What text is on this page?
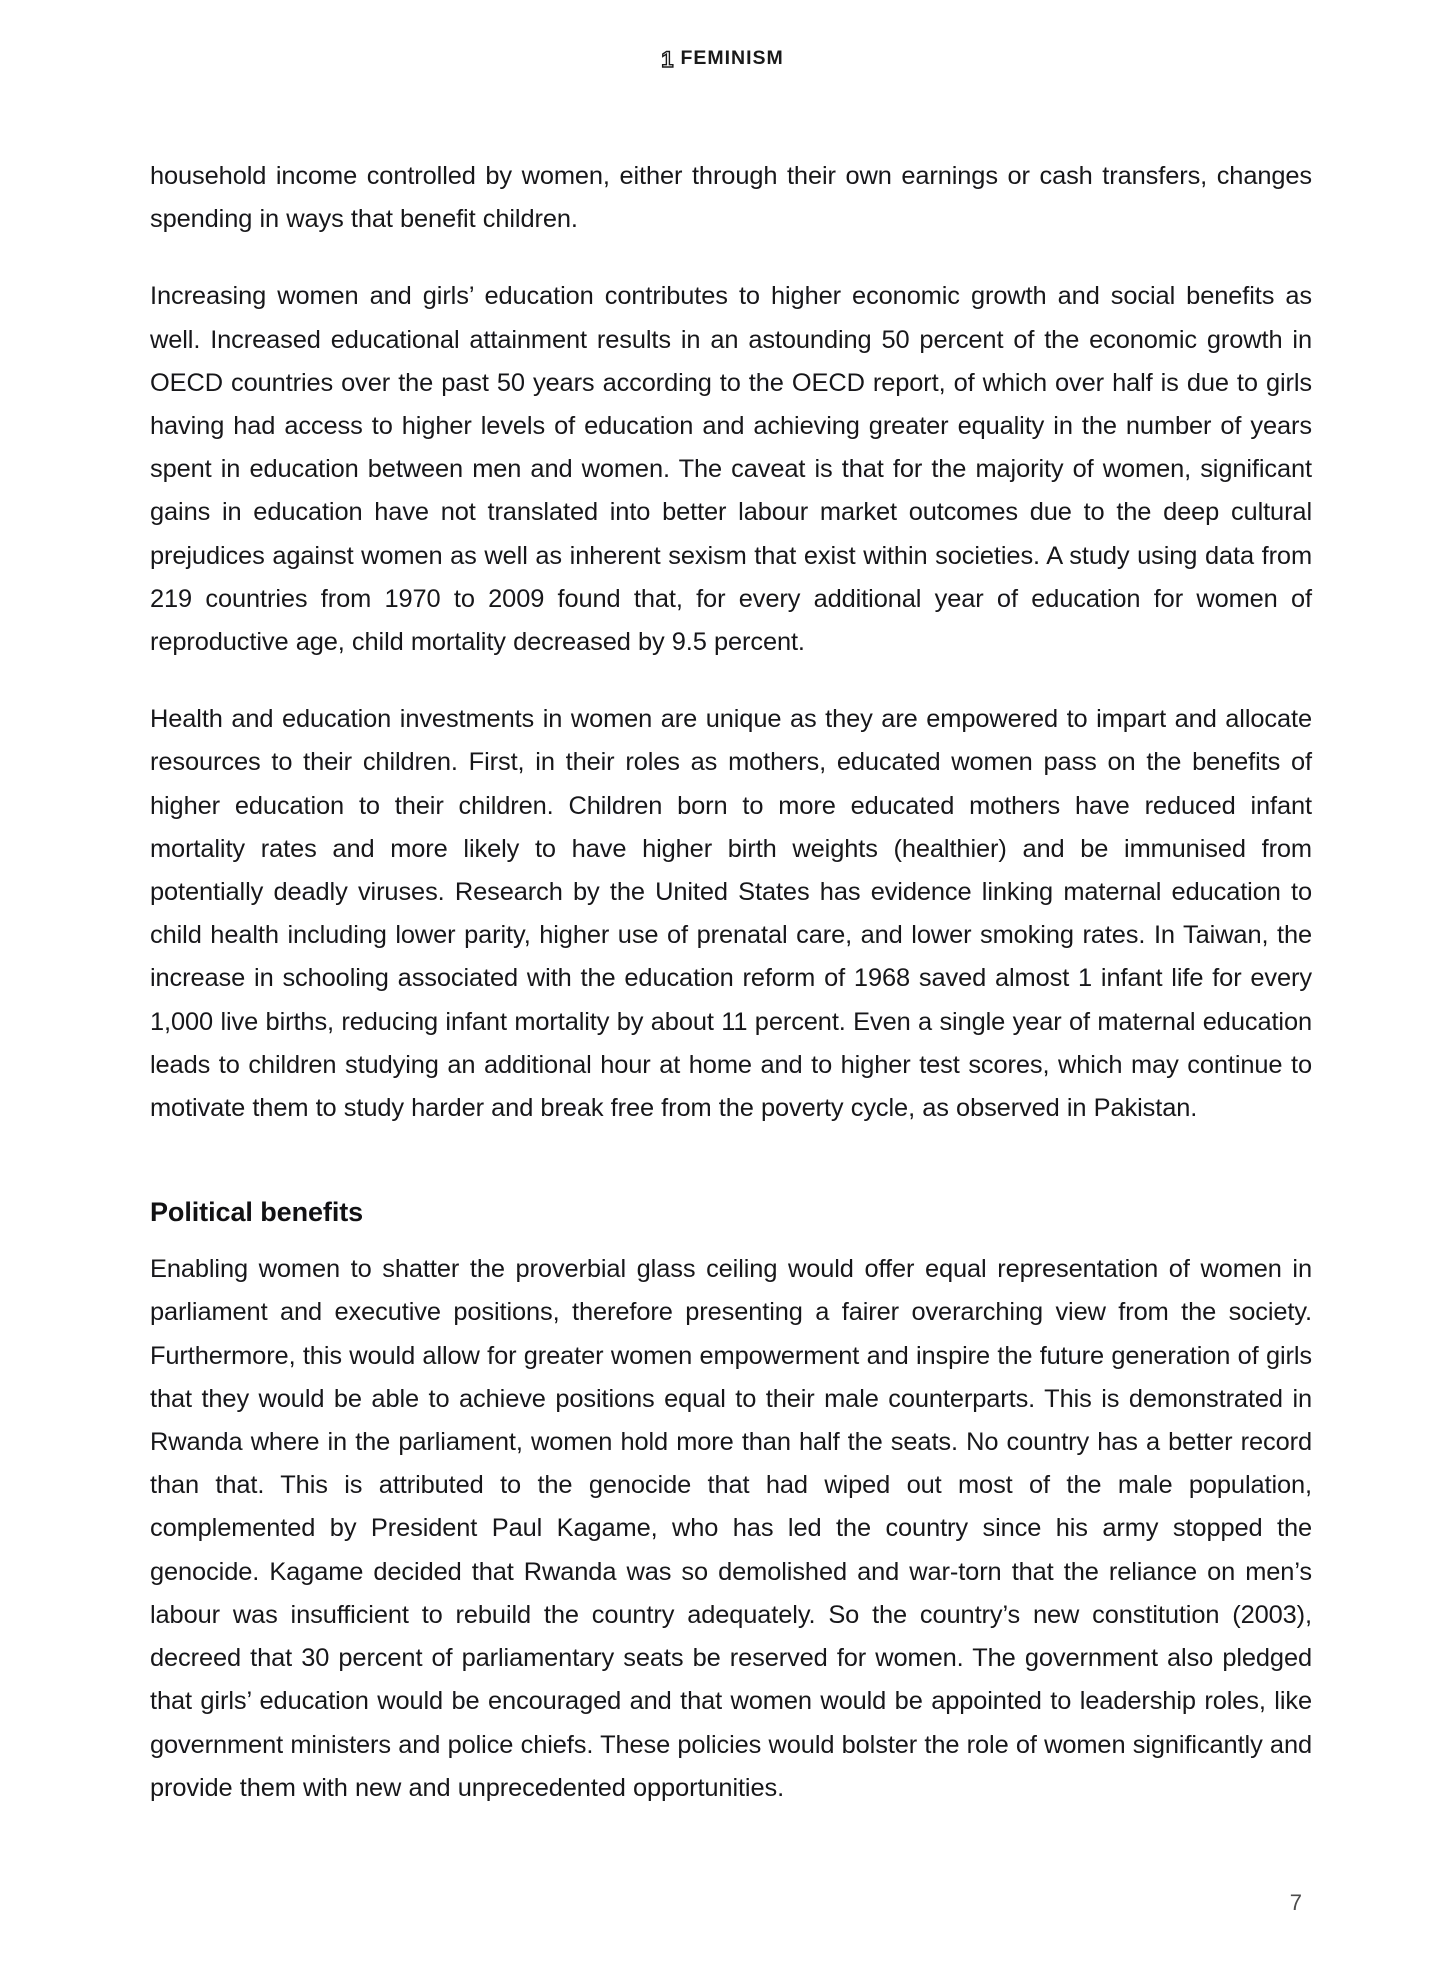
1 FEMINISM

household income controlled by women, either through their own earnings or cash transfers, changes spending in ways that benefit children.

Increasing women and girls’ education contributes to higher economic growth and social benefits as well. Increased educational attainment results in an astounding 50 percent of the economic growth in OECD countries over the past 50 years according to the OECD report, of which over half is due to girls having had access to higher levels of education and achieving greater equality in the number of years spent in education between men and women. The caveat is that for the majority of women, significant gains in education have not translated into better labour market outcomes due to the deep cultural prejudices against women as well as inherent sexism that exist within societies. A study using data from 219 countries from 1970 to 2009 found that, for every additional year of education for women of reproductive age, child mortality decreased by 9.5 percent.

Health and education investments in women are unique as they are empowered to impart and allocate resources to their children. First, in their roles as mothers, educated women pass on the benefits of higher education to their children. Children born to more educated mothers have reduced infant mortality rates and more likely to have higher birth weights (healthier) and be immunised from potentially deadly viruses. Research by the United States has evidence linking maternal education to child health including lower parity, higher use of prenatal care, and lower smoking rates. In Taiwan, the increase in schooling associated with the education reform of 1968 saved almost 1 infant life for every 1,000 live births, reducing infant mortality by about 11 percent. Even a single year of maternal education leads to children studying an additional hour at home and to higher test scores, which may continue to motivate them to study harder and break free from the poverty cycle, as observed in Pakistan.

Political benefits

Enabling women to shatter the proverbial glass ceiling would offer equal representation of women in parliament and executive positions, therefore presenting a fairer overarching view from the society. Furthermore, this would allow for greater women empowerment and inspire the future generation of girls that they would be able to achieve positions equal to their male counterparts. This is demonstrated in Rwanda where in the parliament, women hold more than half the seats. No country has a better record than that. This is attributed to the genocide that had wiped out most of the male population, complemented by President Paul Kagame, who has led the country since his army stopped the genocide. Kagame decided that Rwanda was so demolished and war-torn that the reliance on men’s labour was insufficient to rebuild the country adequately. So the country’s new constitution (2003), decreed that 30 percent of parliamentary seats be reserved for women. The government also pledged that girls’ education would be encouraged and that women would be appointed to leadership roles, like government ministers and police chiefs. These policies would bolster the role of women significantly and provide them with new and unprecedented opportunities.

7
